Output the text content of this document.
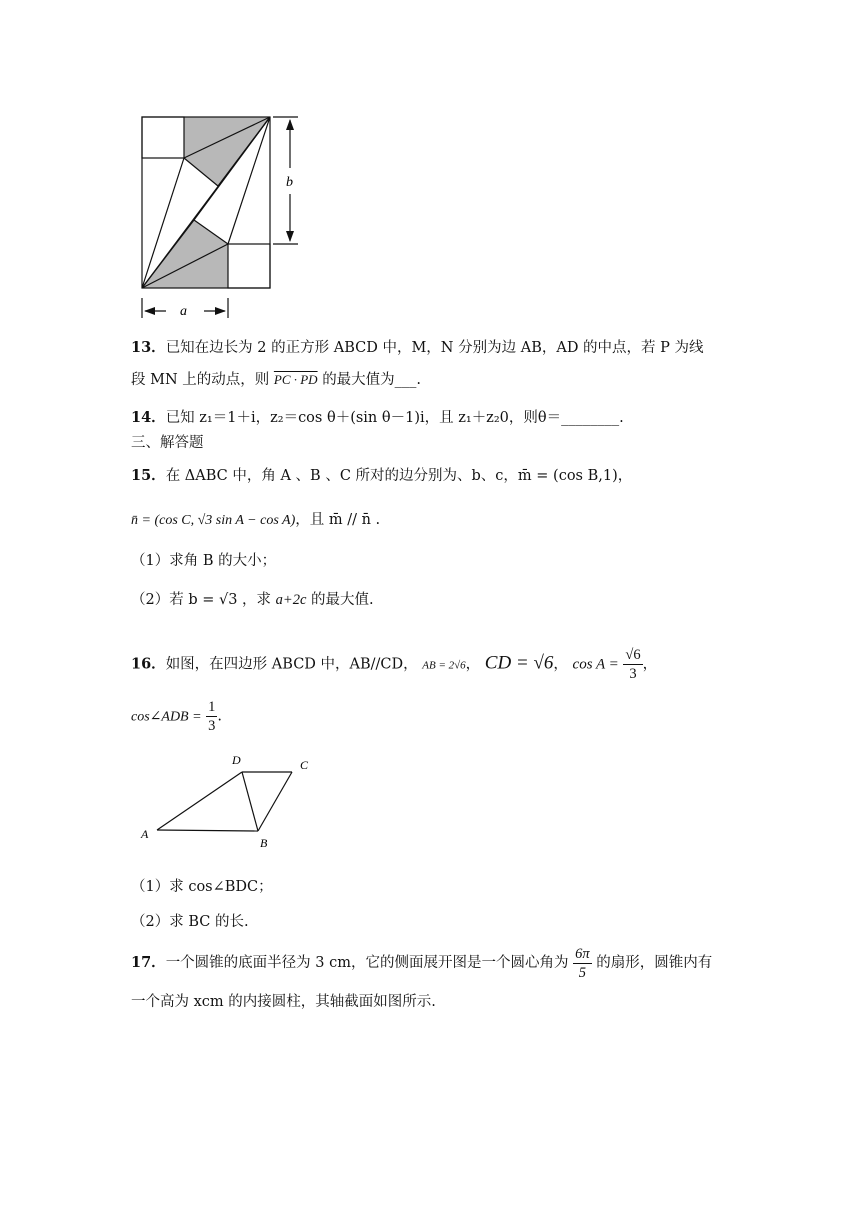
b
a
13．已知在边长为 2 的正方形 ABCD 中，M，N 分别为边 AB，AD 的中点，若 P 为线
段 MN 上的动点，则 PC · PD 的最大值为___.
14．已知 z₁＝1＋i，z₂＝cos θ＋(sin θ－1)i，且 z₁＋z₂0，则θ＝________.
三、解答题
15．在 ΔABC 中，角 A 、B 、C 所对的边分别为、b、c，m̄ = (cos B,1)，
n̄ = (cos C, √3 sin A − cos A)，且 m̄ // n̄ .
（1）求角 B 的大小；
（2）若 b = √3 ，求 a+2c 的最大值.
16．如图，在四边形 ABCD 中，AB//CD， AB = 2√6， CD = √6， $\cos A = \frac{√6}{3}$ ，
cos∠ADB = $\frac{1}{3}$ .
A
B
C
D
（1）求 cos∠BDC；
（2）求 BC 的长.
17．一个圆锥的底面半径为 3 cm，它的侧面展开图是一个圆心角为 $\frac{6\pi}{5}$ 的扇形，圆锥内有
一个高为 xcm 的内接圆柱，其轴截面如图所示.
